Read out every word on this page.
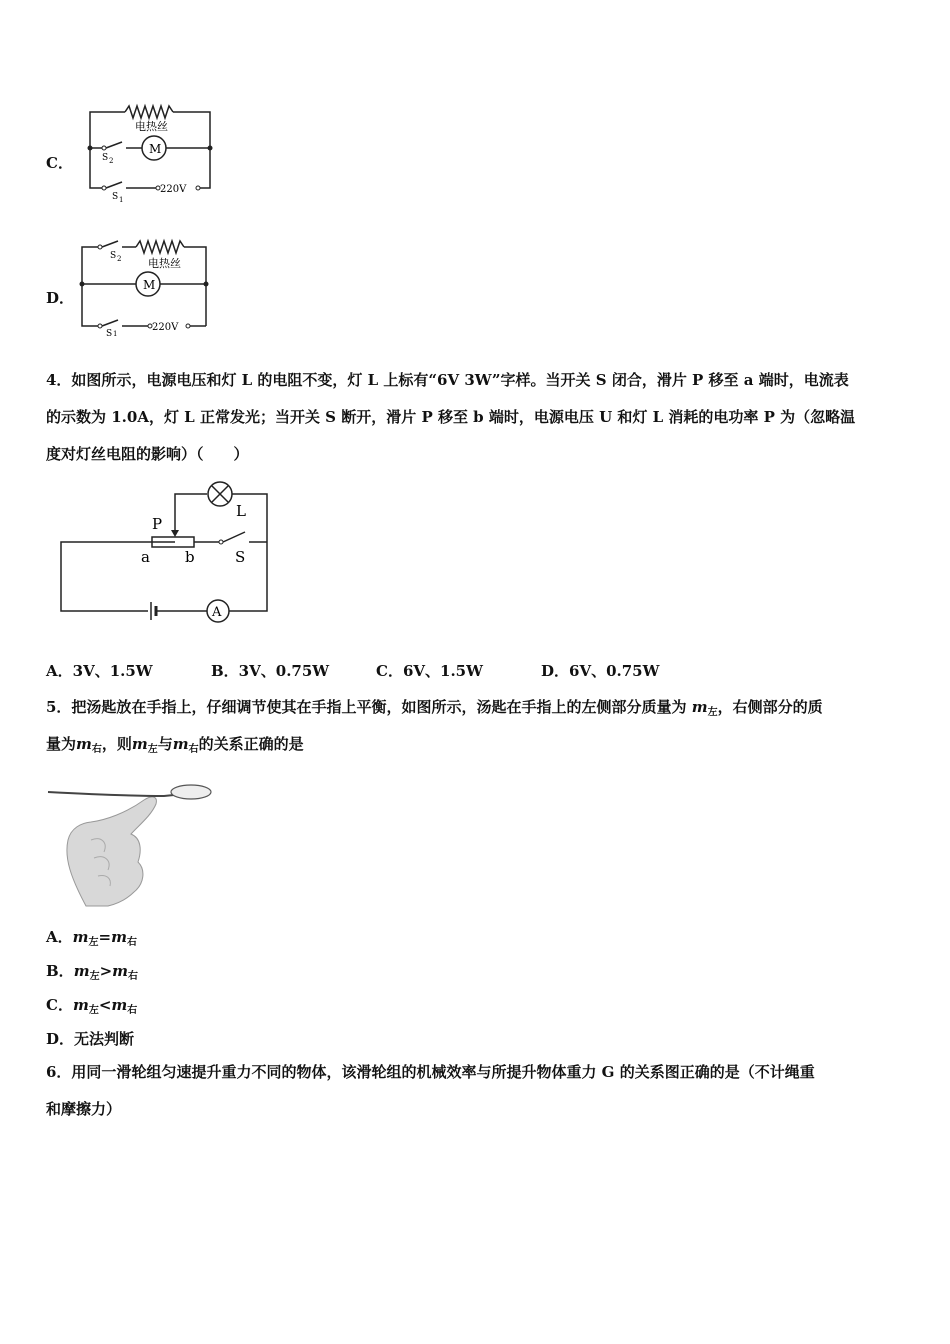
C．
电热丝
M
S 2
S 1
220V
D．
电热丝
M
S 2
S 1
220V
4．如图所示，电源电压和灯 L 的电阻不变，灯 L 上标有“6V 3W”字样。当开关 S 闭合，滑片 P 移至 a 端时，电流表
的示数为 1.0A，灯 L 正常发光；当开关 S 断开，滑片 P 移至 b 端时，电源电压 U 和灯 L 消耗的电功率 P 为（忽略温
度对灯丝电阻的影响）（　　）
P
a b
L
S
A
A．3V、1.5W	B．3V、0.75W	C．6V、1.5W	D．6V、0.75W
5．把汤匙放在手指上，仔细调节使其在手指上平衡，如图所示，汤匙在手指上的左侧部分质量为 $m_左$，右侧部分的质
量为$m_右$，则$m_左$与$m_右$的关系正确的是
A．$m_左=m_右$
B．$m_左>m_右$
C．$m_左<m_右$
D．无法判断
6．用同一滑轮组匀速提升重力不同的物体，该滑轮组的机械效率与所提升物体重力 G 的关系图正确的是（不计绳重
和摩擦力）
